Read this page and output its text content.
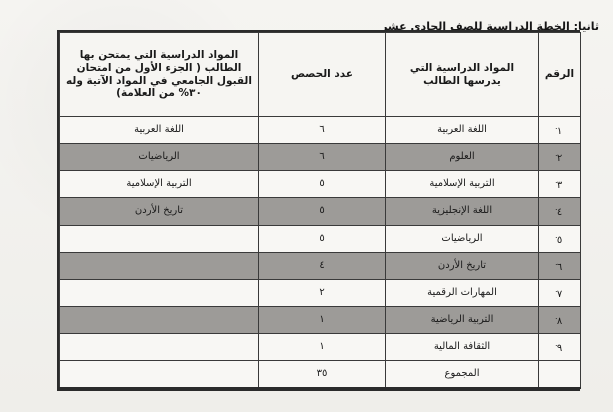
ثانيا: الخطة الدراسية للصف الحادي عشر
الرقم	المواد الدراسية التي يدرسها الطالب	عدد الحصص	المواد الدراسية التي يمتحن بها الطالب ( الجزء الأول من امتحان القبول الجامعي في المواد الآتية وله ٣٠% من العلامة)

. ١	اللغة العربية	٦	اللغة العربية

. ٢	العلوم	٦	الرياضيات

. ٣	التربية الإسلامية	٥	التربية الإسلامية

. ٤	اللغة الإنجليزية	٥	تاريخ الأردن

. ٥	الرياضيات	٥	

. ٦	تاريخ الأردن	٤	

. ٧	المهارات الرقمية	٢	

. ٨	التربية الرياضية	١	

. ٩	الثقافة المالية	١	
	المجموع	٣٥	
